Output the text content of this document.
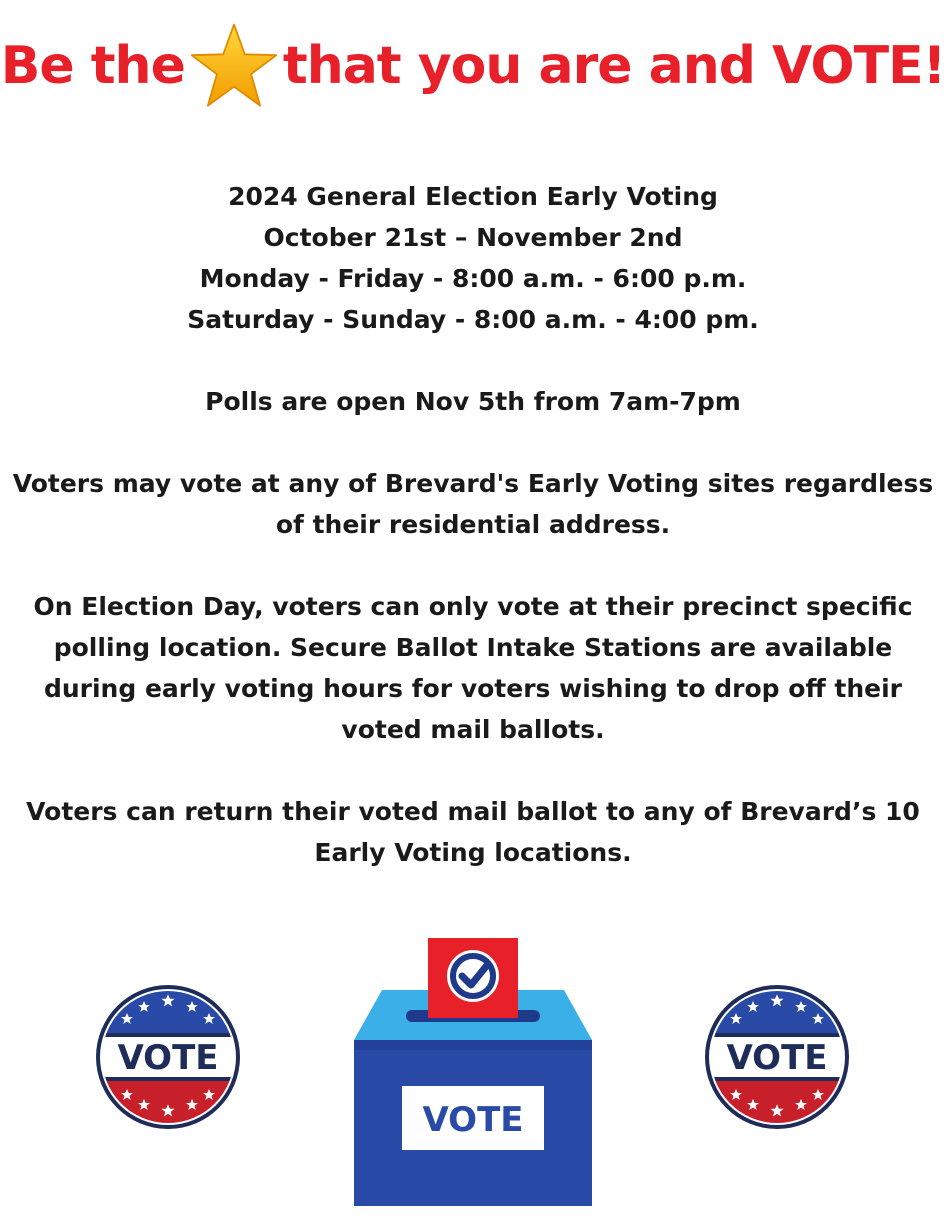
Be the that you are and VOTE!
2024 General Election Early Voting
October 21st – November 2nd
Monday - Friday - 8:00 a.m. - 6:00 p.m.
Saturday - Sunday - 8:00 a.m. - 4:00 pm.
Polls are open Nov 5th from 7am-7pm
Voters may vote at any of Brevard's Early Voting sites regardless
of their residential address.
On Election Day, voters can only vote at their precinct specific
polling location. Secure Ballot Intake Stations are available
during early voting hours for voters wishing to drop off their
voted mail ballots.
Voters can return their voted mail ballot to any of Brevard’s 10
Early Voting locations.
VOTE	VOTE
VOTE
